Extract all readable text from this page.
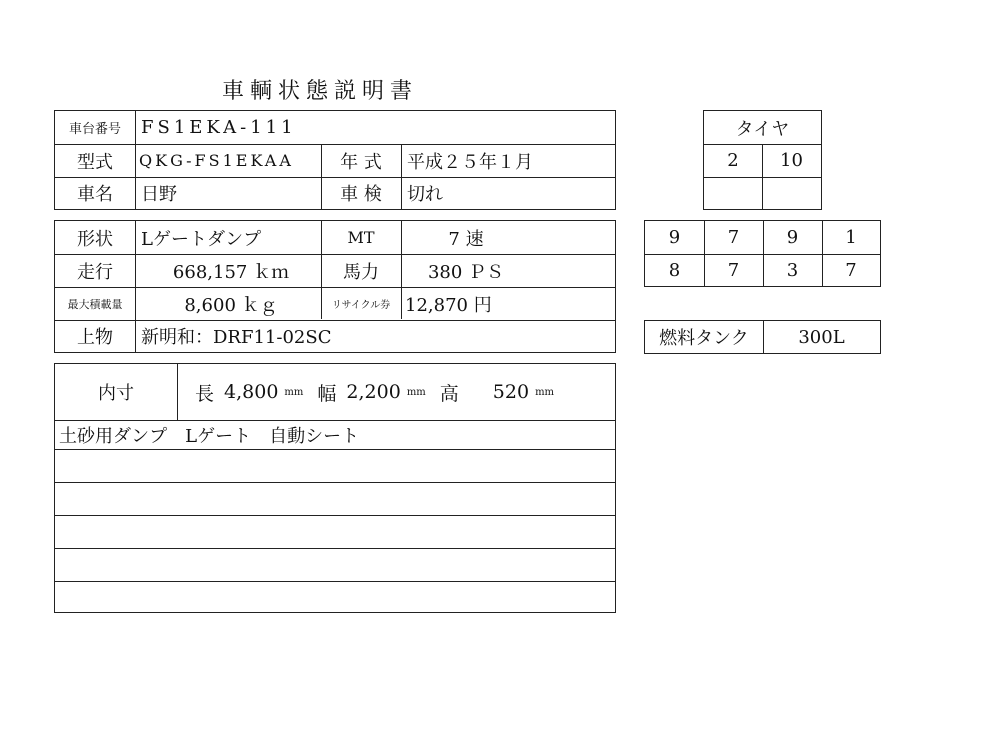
車輌状態説明書
車台番号	FS1EKA-111
型式	QKG-FS1EKAA	年 式	平成２５年１月
車名	日野	車 検	切れ
形状	Lゲートダンプ	MT	7 速
走行	668,157 ｋｍ	馬力	380 ＰＳ
最大積載量	8,600 ｋｇ	リサイクル券 12,870 円
上物	新明和：DRF11-02SC
内寸	長 4,800 mm 幅 2,200 mm 高 520 mm
土砂用ダンプ　Lゲート　自動シート
タイヤ
2	10
9	7	9	1
8	7	3	7
燃料タンク	300L
